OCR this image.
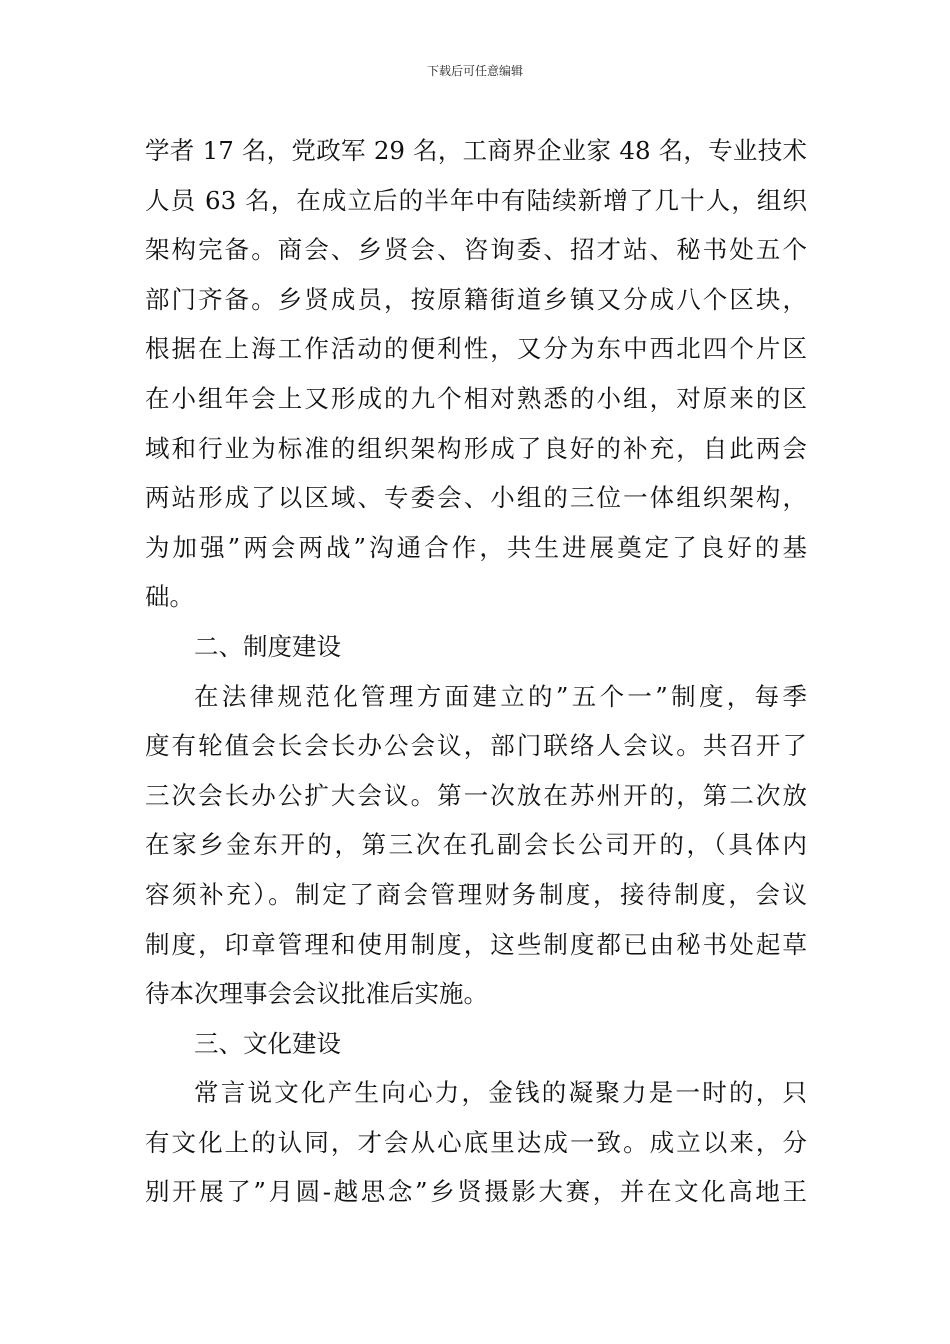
下载后可任意编辑

学者 17 名，党政军 29 名，工商界企业家 48 名，专业技术
人员 63 名，在成立后的半年中有陆续新增了几十人，组织
架构完备。商会、乡贤会、咨询委、招才站、秘书处五个
部门齐备。乡贤成员，按原籍街道乡镇又分成八个区块，
根据在上海工作活动的便利性，又分为东中西北四个片区
在小组年会上又形成的九个相对熟悉的小组，对原来的区
域和行业为标准的组织架构形成了良好的补充，自此两会
两站形成了以区域、专委会、小组的三位一体组织架构，
为加强”两会两战”沟通合作，共生进展奠定了良好的基
础。

二、制度建设

在法律规范化管理方面建立的”五个一”制度，每季
度有轮值会长会长办公会议，部门联络人会议。共召开了
三次会长办公扩大会议。第一次放在苏州开的，第二次放
在家乡金东开的，第三次在孔副会长公司开的，（具体内
容须补充）。制定了商会管理财务制度，接待制度，会议
制度，印章管理和使用制度，这些制度都已由秘书处起草
待本次理事会会议批准后实施。

三、文化建设

常言说文化产生向心力，金钱的凝聚力是一时的，只
有文化上的认同，才会从心底里达成一致。成立以来，分
别开展了”月圆-越思念”乡贤摄影大赛，并在文化高地王
